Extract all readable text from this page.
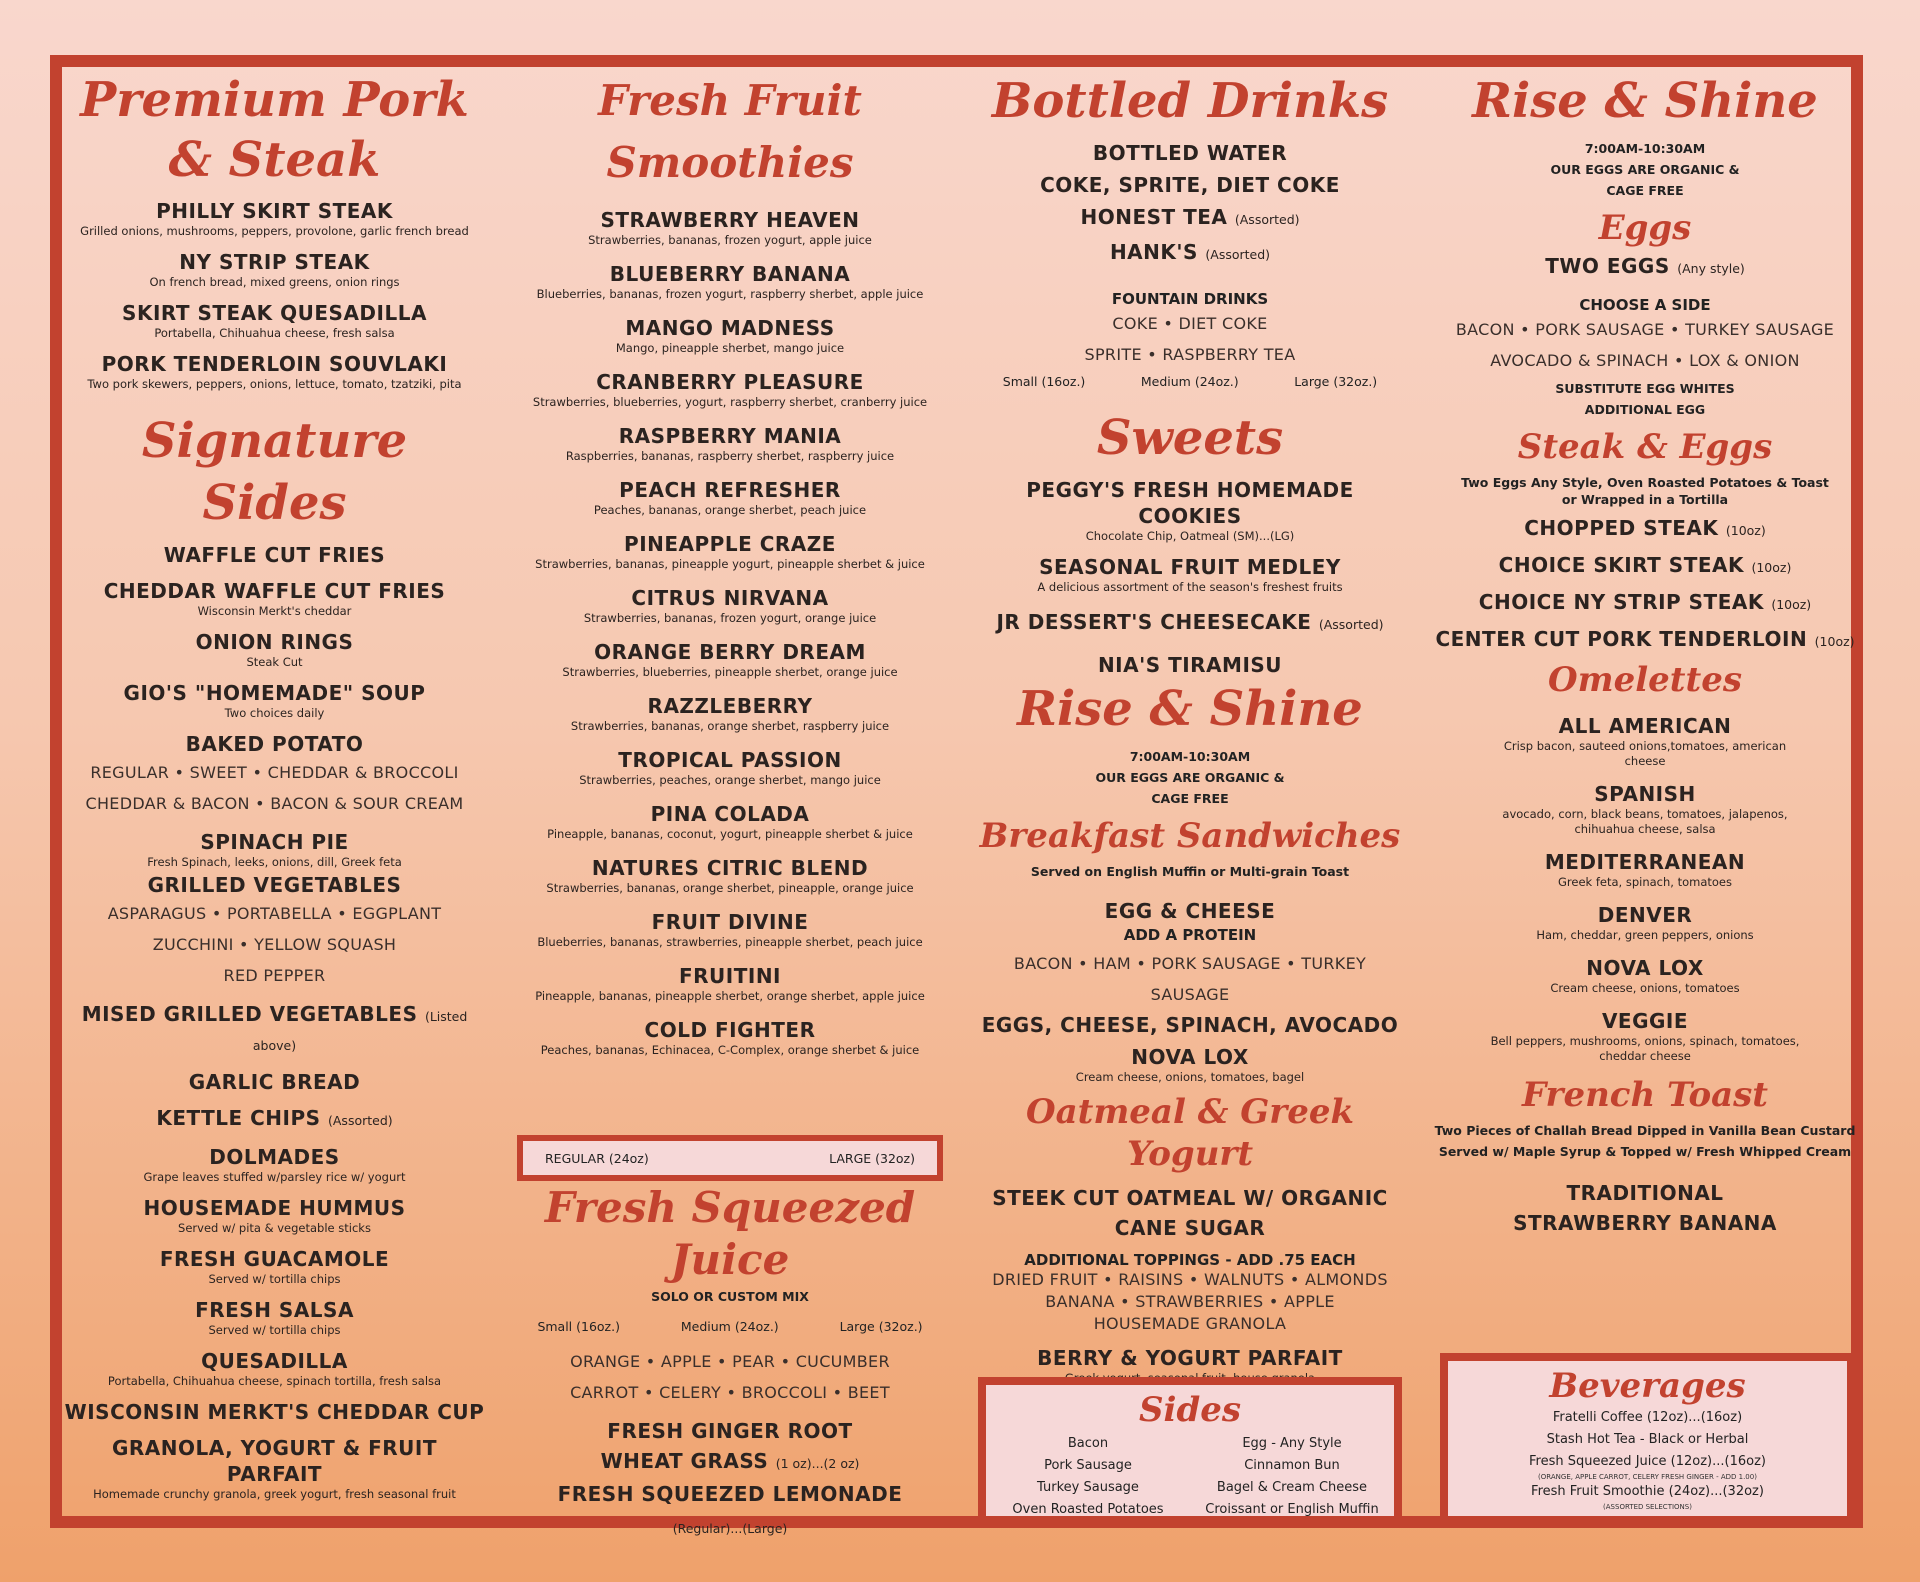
Premium Pork
& Steak
PHILLY SKIRT STEAK
Grilled onions, mushrooms, peppers, provolone, garlic french bread
NY STRIP STEAK
On french bread, mixed greens, onion rings
SKIRT STEAK QUESADILLA
Portabella, Chihuahua cheese, fresh salsa
PORK TENDERLOIN SOUVLAKI
Two pork skewers, peppers, onions, lettuce, tomato, tzatziki, pita
Signature Sides
WAFFLE CUT FRIES
CHEDDAR WAFFLE CUT FRIES
Wisconsin Merkt's cheddar
ONION RINGS
Steak Cut
GIO'S "HOMEMADE" SOUP
Two choices daily
BAKED POTATO
REGULAR • SWEET • CHEDDAR & BROCCOLI
CHEDDAR & BACON • BACON & SOUR CREAM
SPINACH PIE
Fresh Spinach, leeks, onions, dill, Greek feta
GRILLED VEGETABLES
ASPARAGUS • PORTABELLA • EGGPLANT
ZUCCHINI • YELLOW SQUASH
RED PEPPER
MISED GRILLED VEGETABLES (Listed above)
GARLIC BREAD
KETTLE CHIPS (Assorted)
DOLMADES
Grape leaves stuffed w/parsley rice w/ yogurt
HOUSEMADE HUMMUS
Served w/ pita & vegetable sticks
FRESH GUACAMOLE
Served w/ tortilla chips
FRESH SALSA
Served w/ tortilla chips
QUESADILLA
Portabella, Chihuahua cheese, spinach tortilla, fresh salsa
WISCONSIN MERKT'S CHEDDAR CUP
GRANOLA, YOGURT & FRUIT PARFAIT
Homemade crunchy granola, greek yogurt, fresh seasonal fruit
Fresh Fruit Smoothies
STRAWBERRY HEAVEN
Strawberries, bananas, frozen yogurt, apple juice
BLUEBERRY BANANA
Blueberries, bananas, frozen yogurt, raspberry sherbet, apple juice
MANGO MADNESS
Mango, pineapple sherbet, mango juice
CRANBERRY PLEASURE
Strawberries, blueberries, yogurt, raspberry sherbet, cranberry juice
RASPBERRY MANIA
Raspberries, bananas, raspberry sherbet, raspberry juice
PEACH REFRESHER
Peaches, bananas, orange sherbet, peach juice
PINEAPPLE CRAZE
Strawberries, bananas, pineapple yogurt, pineapple sherbet & juice
CITRUS NIRVANA
Strawberries, bananas, frozen yogurt, orange juice
ORANGE BERRY DREAM
Strawberries, blueberries, pineapple sherbet, orange juice
RAZZLEBERRY
Strawberries, bananas, orange sherbet, raspberry juice
TROPICAL PASSION
Strawberries, peaches, orange sherbet, mango juice
PINA COLADA
Pineapple, bananas, coconut, yogurt, pineapple sherbet & juice
NATURES CITRIC BLEND
Strawberries, bananas, orange sherbet, pineapple, orange juice
FRUIT DIVINE
Blueberries, bananas, strawberries, pineapple sherbet, peach juice
FRUITINI
Pineapple, bananas, pineapple sherbet, orange sherbet, apple juice
COLD FIGHTER
Peaches, bananas, Echinacea, C-Complex, orange sherbet & juice
REGULAR (24oz)	LARGE (32oz)
Fresh Squeezed Juice
SOLO OR CUSTOM MIX
Small (16oz.)	Medium (24oz.)	Large (32oz.)
ORANGE • APPLE • PEAR • CUCUMBER
CARROT • CELERY • BROCCOLI • BEET
FRESH GINGER ROOT
WHEAT GRASS (1 oz)...(2 oz)
FRESH SQUEEZED LEMONADE
(Regular)...(Large)
Bottled Drinks
BOTTLED WATER
COKE, SPRITE, DIET COKE
HONEST TEA (Assorted)
HANK'S (Assorted)
FOUNTAIN DRINKS
COKE • DIET COKE
SPRITE • RASPBERRY TEA
Small (16oz.)	Medium (24oz.)	Large (32oz.)
Sweets
PEGGY'S FRESH HOMEMADE COOKIES
Chocolate Chip, Oatmeal (SM)...(LG)
SEASONAL FRUIT MEDLEY
A delicious assortment of the season's freshest fruits
JR DESSERT'S CHEESECAKE (Assorted)
NIA'S TIRAMISU
Rise & Shine
7:00AM-10:30AM
OUR EGGS ARE ORGANIC &
CAGE FREE
Breakfast Sandwiches
Served on English Muffin or Multi-grain Toast
EGG & CHEESE
ADD A PROTEIN
BACON • HAM • PORK SAUSAGE • TURKEY SAUSAGE
EGGS, CHEESE, SPINACH, AVOCADO
NOVA LOX
Cream cheese, onions, tomatoes, bagel
Oatmeal & Greek Yogurt
STEEK CUT OATMEAL W/ ORGANIC
CANE SUGAR
ADDITIONAL TOPPINGS - ADD .75 EACH
DRIED FRUIT • RAISINS • WALNUTS • ALMONDS
BANANA • STRAWBERRIES • APPLE
HOUSEMADE GRANOLA
BERRY & YOGURT PARFAIT
Sides
Bacon	Egg - Any Style
Pork Sausage	Cinnamon Bun
Turkey Sausage	Bagel & Cream Cheese
Oven Roasted Potatoes	Croissant or English Muffin
Rise & Shine
7:00AM-10:30AM
OUR EGGS ARE ORGANIC &
CAGE FREE
Eggs
TWO EGGS (Any style)
CHOOSE A SIDE
BACON • PORK SAUSAGE • TURKEY SAUSAGE
AVOCADO & SPINACH • LOX & ONION
SUBSTITUTE EGG WHITES
ADDITIONAL EGG
Steak & Eggs
Two Eggs Any Style, Oven Roasted Potatoes & Toast
or Wrapped in a Tortilla
CHOPPED STEAK (10oz)
CHOICE SKIRT STEAK (10oz)
CHOICE NY STRIP STEAK (10oz)
CENTER CUT PORK TENDERLOIN (10oz)
Omelettes
ALL AMERICAN
Crisp bacon, sauteed onions,tomatoes, american cheese
SPANISH
avocado, corn, black beans, tomatoes, jalapenos, chihuahua cheese, salsa
MEDITERRANEAN
Greek feta, spinach, tomatoes
DENVER
Ham, cheddar, green peppers, onions
NOVA LOX
Cream cheese, onions, tomatoes
VEGGIE
Bell peppers, mushrooms, onions, spinach, tomatoes, cheddar cheese
French Toast
Two Pieces of Challah Bread Dipped in Vanilla Bean Custard
Served w/ Maple Syrup & Topped w/ Fresh Whipped Cream
TRADITIONAL
STRAWBERRY BANANA
Beverages
Fratelli Coffee (12oz)...(16oz)
Stash Hot Tea - Black or Herbal
Fresh Squeezed Juice (12oz)...(16oz)
(ORANGE, APPLE CARROT, CELERY FRESH GINGER - ADD 1.00)
Fresh Fruit Smoothie (24oz)...(32oz)
(ASSORTED SELECTIONS)
